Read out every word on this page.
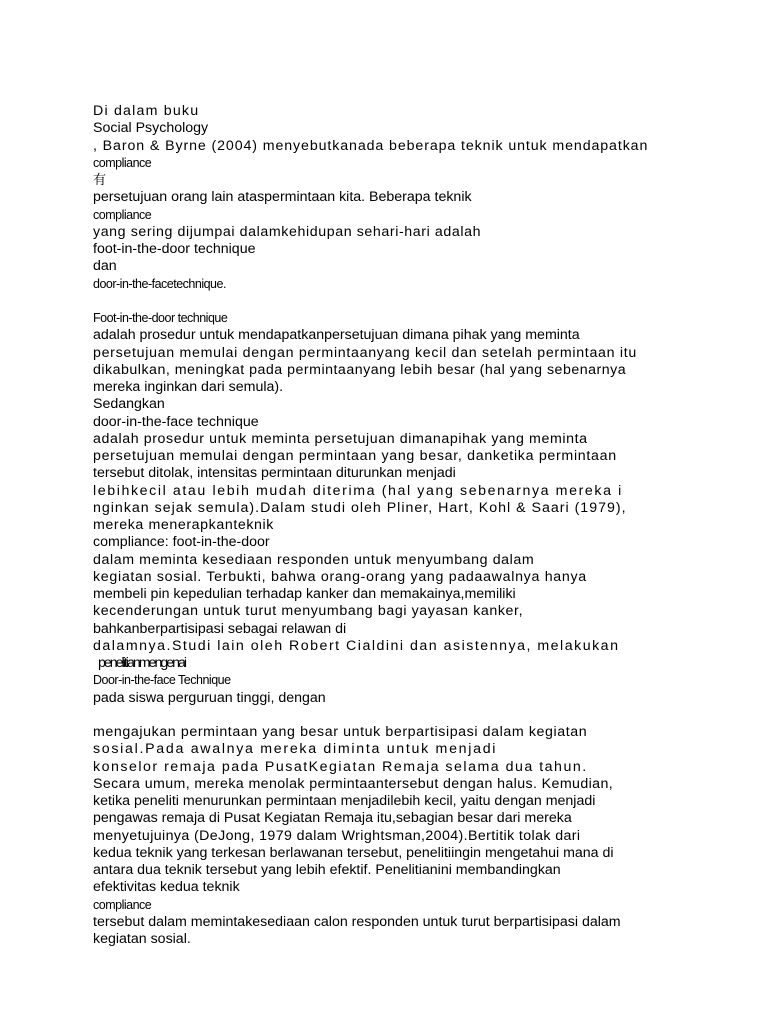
Di dalam buku
Social Psychology
, Baron & Byrne (2004) menyebutkanada beberapa teknik untuk mendapatkan
compliance
有
persetujuan orang lain ataspermintaan kita. Beberapa teknik
compliance
yang sering dijumpai dalamkehidupan sehari-hari adalah
foot-in-the-door technique
dan
door-in-the-facetechnique.
Foot-in-the-door technique
adalah prosedur untuk mendapatkanpersetujuan dimana pihak yang meminta
persetujuan memulai dengan permintaanyang kecil dan setelah permintaan itu
dikabulkan, meningkat pada permintaanyang lebih besar (hal yang sebenarnya
mereka inginkan dari semula).
Sedangkan
door-in-the-face technique
adalah prosedur untuk meminta persetujuan dimanapihak yang meminta
persetujuan memulai dengan permintaan yang besar, danketika permintaan
tersebut ditolak, intensitas permintaan diturunkan menjadi
lebihkecil atau lebih mudah diterima (hal yang sebenarnya mereka i
nginkan sejak semula).Dalam studi oleh Pliner, Hart, Kohl & Saari (1979),
mereka menerapkanteknik
compliance: foot-in-the-door
dalam meminta kesediaan responden untuk menyumbang dalam
kegiatan sosial. Terbukti, bahwa orang-orang yang padaawalnya hanya
membeli pin kepedulian terhadap kanker dan memakainya,memiliki
kecenderungan untuk turut menyumbang bagi yayasan kanker,
bahkanberpartisipasi sebagai relawan di
dalamnya.Studi lain oleh Robert Cialdini dan asistennya, melakukan
penelitianmengenai
Door-in-the-face Technique
pada siswa perguruan tinggi, dengan
mengajukan permintaan yang besar untuk berpartisipasi dalam kegiatan
sosial.Pada awalnya mereka diminta untuk menjadi
konselor remaja pada PusatKegiatan Remaja selama dua tahun.
Secara umum, mereka menolak permintaantersebut dengan halus. Kemudian,
ketika peneliti menurunkan permintaan menjadilebih kecil, yaitu dengan menjadi
pengawas remaja di Pusat Kegiatan Remaja itu,sebagian besar dari mereka
menyetujuinya (DeJong, 1979 dalam Wrightsman,2004).Bertitik tolak dari
kedua teknik yang terkesan berlawanan tersebut, penelitiingin mengetahui mana di
antara dua teknik tersebut yang lebih efektif. Penelitianini membandingkan
efektivitas kedua teknik
compliance
tersebut dalam memintakesediaan calon responden untuk turut berpartisipasi dalam
kegiatan sosial.
